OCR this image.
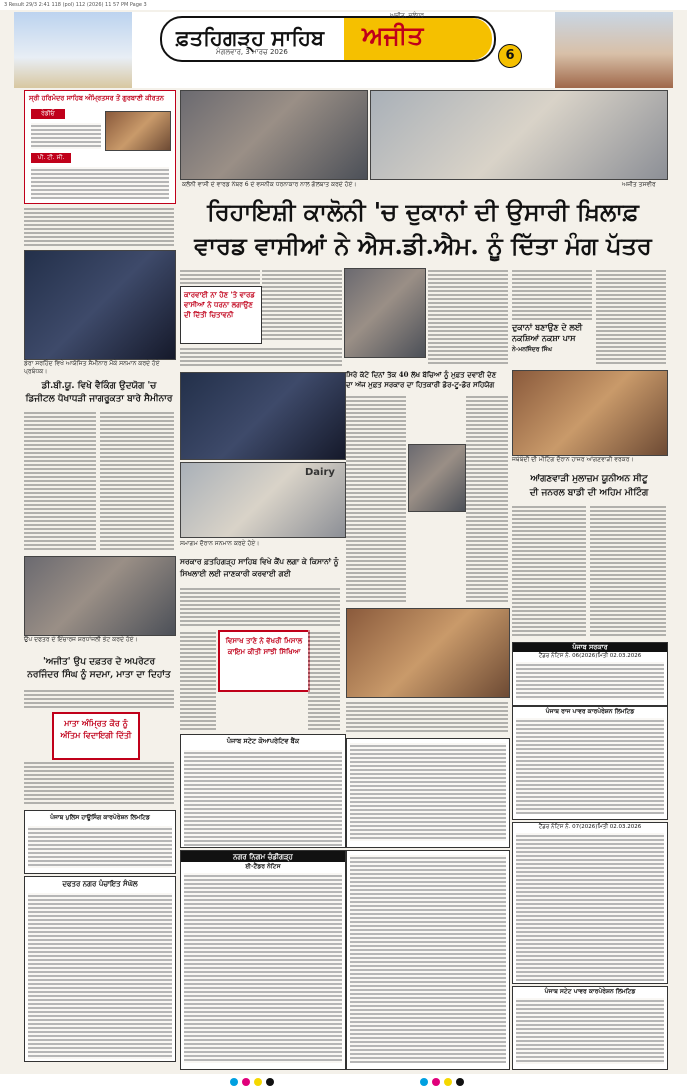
3 Result 29/3 2:41 118 (pol) 112 (2026) 11 57 PM Page 3
ਫ਼ਤਹਿਗੜ੍ਹ ਸਾਹਿਬ ਅਜੀਤ
ਮੰਗਲਵਾਰ, 3 ਮਾਰਚ 2026
ਅਜੀਤ, ਜਲੰਧਰ
6
ਸ੍ਰੀ ਹਰਿਮੰਦਰ ਸਾਹਿਬ ਅੰਮ੍ਰਿਤਸਰ ਤੋਂ ਗੁਰਬਾਣੀ ਕੀਰਤਨ
ਰੇਡੀਓ
ਪੀ. ਟੀ. ਸੀ.
ਡੇਰਾ ਸਰਹਿੰਦ ਵਿਖੇ ਆਯੋਜਿਤ ਸੈਮੀਨਾਰ ਮੌਕੇ ਸਨਮਾਨ ਕਰਦੇ ਹੋਏ ਪ੍ਰਬੰਧਕ।
ਡੀ.ਬੀ.ਯੂ. ਵਿਖੇ ਵੈਕਿੰਗ ਉਦਯੋਗ 'ਚ
ਡਿਜੀਟਲ ਧੋਖਾਧੜੀ ਜਾਗਰੂਕਤਾ ਬਾਰੇ ਸੈਮੀਨਾਰ
ਉਪ ਦਫਤਰ ਦੇ ਇੰਚਾਰਜ ਸ਼ਰਧਾਂਜਲੀ ਭੇਟ ਕਰਦੇ ਹੋਏ।
'ਅਜੀਤ' ਉਪ ਦਫ਼ਤਰ ਦੇ ਅਪਰੇਟਰ
ਨਰਜਿੰਦਰ ਸਿੰਘ ਨੂੰ ਸਦਮਾ, ਮਾਤਾ ਦਾ ਦਿਹਾਂਤ
ਮਾਤਾ ਅੰਮ੍ਰਿਤ ਕੌਰ ਨੂੰ ਅੰਤਿਮ ਵਿਦਾਇਗੀ ਦਿੱਤੀ
ਪੰਜਾਬ ਪੁਲਿਸ ਹਾਊਸਿੰਗ ਕਾਰਪੋਰੇਸ਼ਨ ਲਿਮਟਿਡ
ਦਫਤਰ ਨਗਰ ਪੰਚਾਇਤ ਸੰਘੋਲ
ਕਲੋਨੀ ਵਾਸੀ ਦੇ ਵਾਰਡ ਨੰਬਰ 6 ਦੇ ਵਸਨੀਕ ਧਰਨਾਕਾਰ ਨਾਲ ਗੱਲਬਾਤ ਕਰਦੇ ਹੋਏ।	ਅਜੀਤ ਤਸਵੀਰ
ਰਿਹਾਇਸ਼ੀ ਕਾਲੋਨੀ 'ਚ ਦੁਕਾਨਾਂ ਦੀ ਉਸਾਰੀ ਖ਼ਿਲਾਫ਼
ਵਾਰਡ ਵਾਸੀਆਂ ਨੇ ਐਸ.ਡੀ.ਐਮ. ਨੂੰ ਦਿੱਤਾ ਮੰਗ ਪੱਤਰ
ਕਾਰਵਾਈ ਨਾ ਹੋਣ 'ਤੇ ਵਾਰਡ ਵਾਸੀਆਂ ਨੇ ਧਰਨਾ ਲਗਾਉਣ ਦੀ ਦਿੱਤੀ ਚਿਤਾਵਨੀ
ਦੁਕਾਨਾਂ ਬਣਾਉਣ ਦੇ ਲਈ ਨਕਸ਼ਿਆਂ ਨਕਸ਼ਾ ਪਾਸ
ਨੇ-ਮਨਜਿੰਦਰ ਸਿੰਘ
Dairy
ਸਮਾਗਮ ਦੌਰਾਨ ਸਨਮਾਨ ਕਰਦੇ ਹੋਏ।
ਸਿਰੇ ਕੱਟੇ ਦਿਨਾਂ ਤੱਕ 40 ਲੱਖ ਬੱਚਿਆਂ ਨੂੰ ਮੁਫ਼ਤ ਦਵਾਈ ਦੇਣ
ਦਾ ਅੱਜ ਮੁਫ਼ਤ ਸਰਕਾਰ ਦਾ ਹਿਤਕਾਰੀ ਡੋਰ-ਟੂ-ਡੋਰ ਸਹਿਯੋਗ
ਸਰਕਾਰ ਫ਼ਤਹਿਗੜ੍ਹ ਸਾਹਿਬ ਵਿਖੇ ਕੈਂਪ ਲਗਾ ਕੇ ਕਿਸਾਨਾਂ ਨੂੰ
ਸਿਖਲਾਈ ਲਈ ਜਾਣਕਾਰੀ ਕਰਵਾਈ ਗਈ
ਵਿਸਾਖ ਤਾਣੇ ਨੇ ਵੱਖਰੀ ਮਿਸਾਲ ਕਾਇਮ ਕੀਤੀ ਸਾਂਝੀ ਸਿੱਖਿਆ
ਪੰਜਾਬ ਸਟੇਟ ਕੋਆਪਰੇਟਿਵ ਬੈਂਕ
ਨਗਰ ਨਿਗਮ ਚੰਡੀਗੜ੍ਹ
ਈ-ਟੈਂਡਰ ਨੋਟਿਸ
ਜਥੇਬੰਦੀ ਦੀ ਮੀਟਿੰਗ ਦੌਰਾਨ ਹਾਜ਼ਰ ਆਂਗਣਵਾੜੀ ਵਰਕਰ।
ਆਂਗਣਵਾੜੀ ਮੁਲਾਜ਼ਮ ਯੂਨੀਅਨ ਸੀਟੂ
ਦੀ ਜਨਰਲ ਬਾਡੀ ਦੀ ਅਹਿਮ ਮੀਟਿੰਗ
ਪੰਜਾਬ ਸਰਕਾਰ
ਟੈਂਡਰ ਨੋਟਿਸ ਨੰ. 06(2026)ਮਿਤੀ 02.03.2026
ਪੰਜਾਬ ਰਾਜ ਪਾਵਰ ਕਾਰਪੋਰੇਸ਼ਨ ਲਿਮਟਿਡ
ਟੈਂਡਰ ਨੋਟਿਸ ਨੰ. 07(2026)ਮਿਤੀ 02.03.2026
ਪੰਜਾਬ ਸਟੇਟ ਪਾਵਰ ਕਾਰਪੋਰੇਸ਼ਨ ਲਿਮਟਿਡ
